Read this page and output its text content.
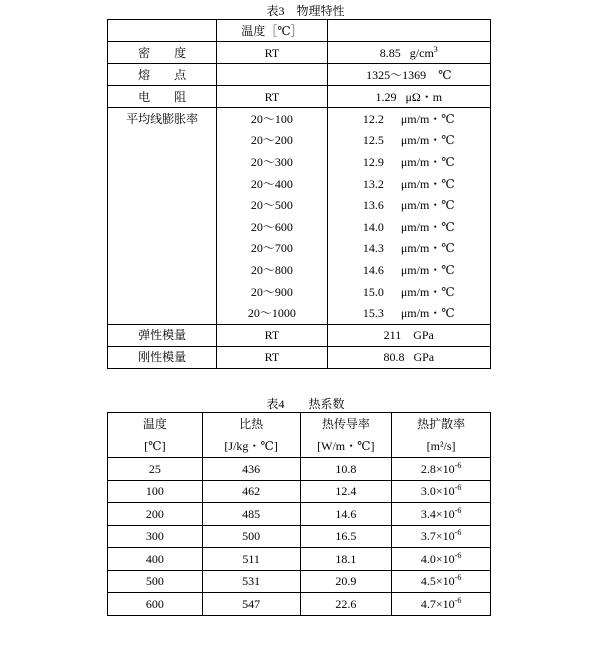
表3　物理特性
	温度［℃］	
密　　度	RT	8.85 $g/cm^3$
熔　　点		1325～1369　℃
电　　阻	RT	1.29 μΩ・m
平均线膨胀率	20～100	12.2 μm/m・℃
	20～200	12.5 μm/m・℃
	20～300	12.9 μm/m・℃
	20～400	13.2 μm/m・℃
	20～500	13.6 μm/m・℃
	20～600	14.0 μm/m・℃
	20～700	14.3 μm/m・℃
	20～800	14.6 μm/m・℃
	20～900	15.0 μm/m・℃
	20～1000	15.3 μm/m・℃
弹性模量	RT	211 GPa
刚性模量	RT	80.8 GPa
表4　　热系数
温度	比热	热传导率	热扩散率
[℃]	[J/kg・℃]	[W/m・℃]	[m²/s]
25	436	10.8	$2.8\times 10^{-6}$
100	462	12.4	$3.0\times 10^{-6}$
200	485	14.6	$3.4\times 10^{-6}$
300	500	16.5	$3.7\times 10^{-6}$
400	511	18.1	$4.0\times 10^{-6}$
500	531	20.9	$4.5\times 10^{-6}$
600	547	22.6	$4.7\times 10^{-6}$
